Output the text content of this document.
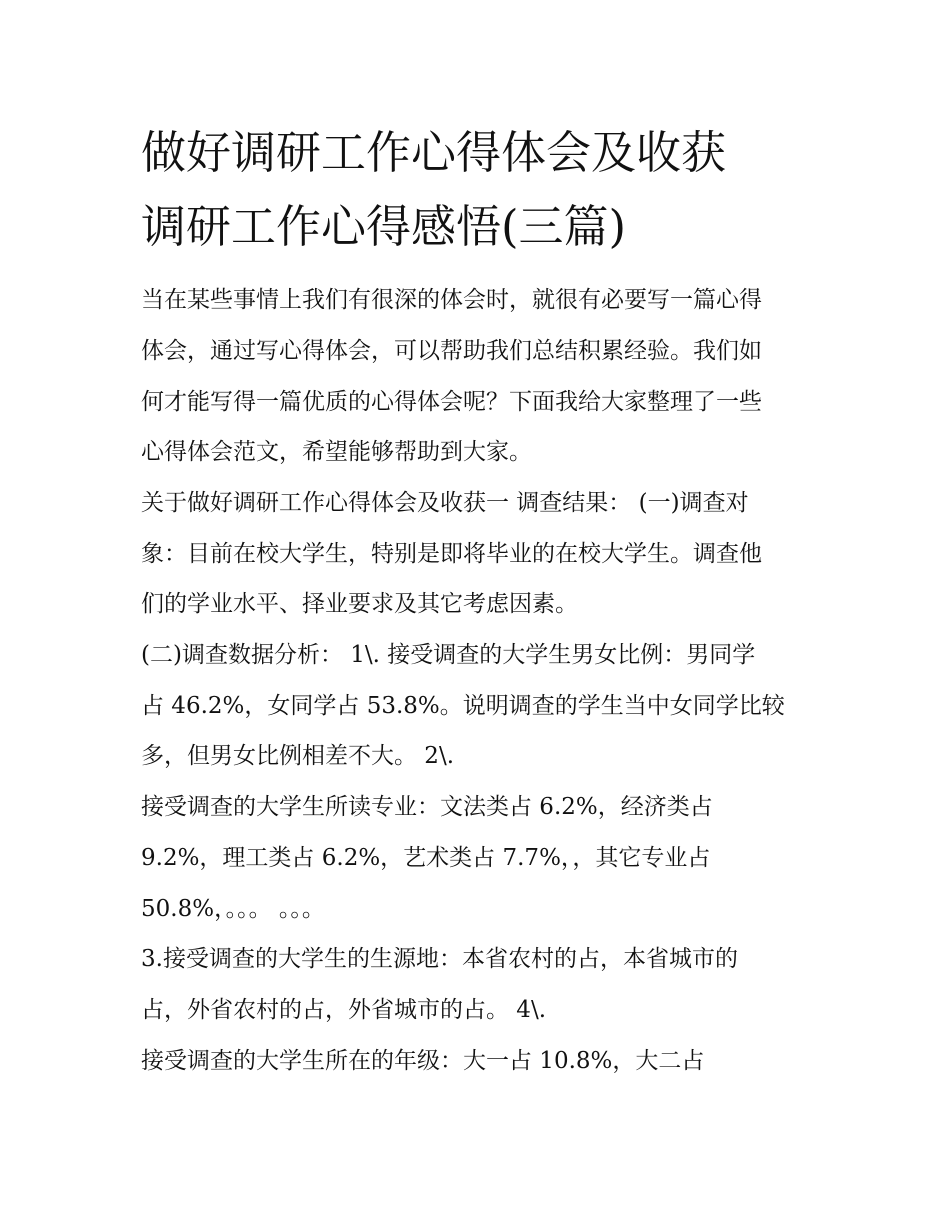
做好调研工作心得体会及收获
调研工作心得感悟(三篇)

当在某些事情上我们有很深的体会时，就很有必要写一篇心得

体会，通过写心得体会，可以帮助我们总结积累经验。我们如

何才能写得一篇优质的心得体会呢？下面我给大家整理了一些

心得体会范文，希望能够帮助到大家。

关于做好调研工作心得体会及收获一 调查结果： (一)调查对

象：目前在校大学生，特别是即将毕业的在校大学生。调查他

们的学业水平、择业要求及其它考虑因素。

(二)调查数据分析： 1\. 接受调查的大学生男女比例：男同学

占 46.2%，女同学占 53.8%。说明调查的学生当中女同学比较

多，但男女比例相差不大。 2\.

接受调查的大学生所读专业：文法类占 6.2%，经济类占

9.2%，理工类占 6.2%，艺术类占 7.7%，，其它专业占

50.8%，。。。 。。。

3.接受调查的大学生的生源地：本省农村的占，本省城市的

占，外省农村的占，外省城市的占。 4\.

接受调查的大学生所在的年级：大一占 10.8%，大二占
